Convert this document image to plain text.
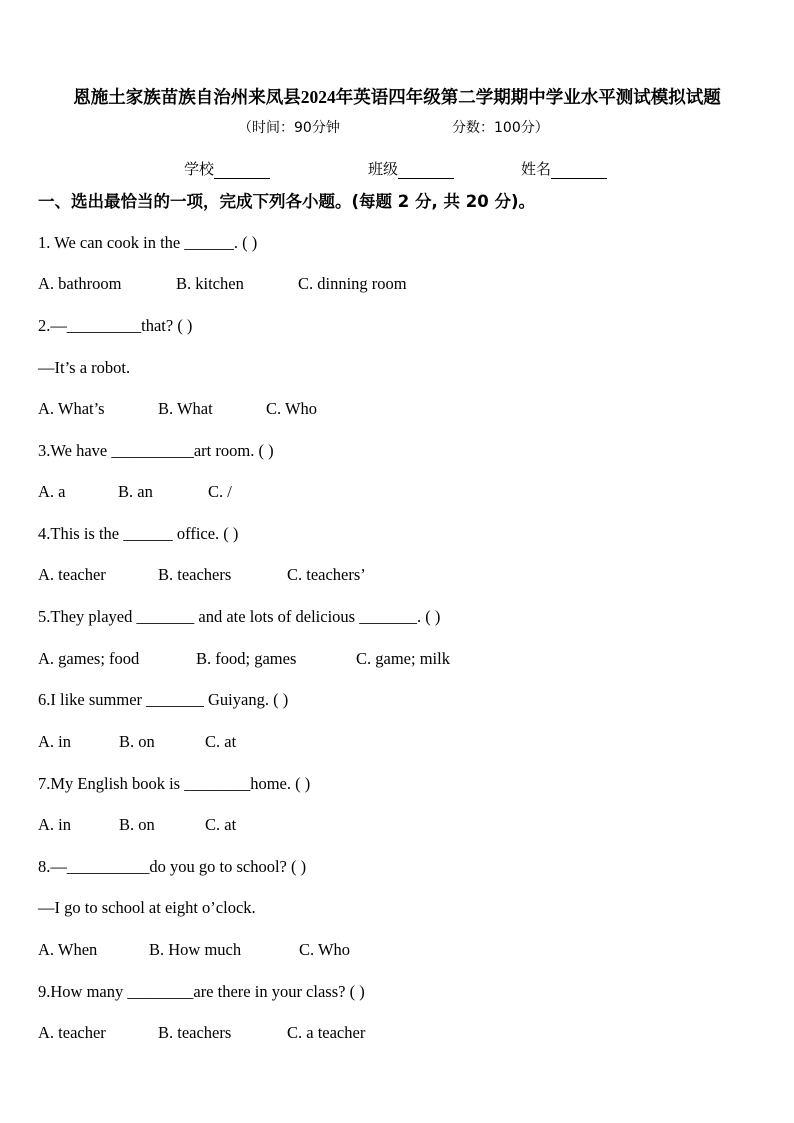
恩施土家族苗族自治州来凤县2024年英语四年级第二学期期中学业水平测试模拟试题
（时间：90分钟	分数：100分）
学校	班级	姓名
一、选出最恰当的一项，完成下列各小题。(每题 2 分, 共 20 分)。
1. We can cook in the ______. ( )
A. bathroom	B. kitchen	C. dinning room
2.—_________that? ( )
—It’s a robot.
A. What’s	B. What	C. Who
3.We have __________art room. ( )
A. a	B. an	C. /
4.This is the ______ office. ( )
A. teacher	B. teachers	C. teachers’
5.They played _______ and ate lots of delicious _______. ( )
A. games; food	B. food; games	C. game; milk
6.I like summer _______ Guiyang. ( )
A. in	B. on	C. at
7.My English book is ________home. ( )
A. in	B. on	C. at
8.—__________do you go to school? ( )
—I go to school at eight o’clock.
A. When	B. How much	C. Who
9.How many ________are there in your class? ( )
A. teacher	B. teachers	C. a teacher
